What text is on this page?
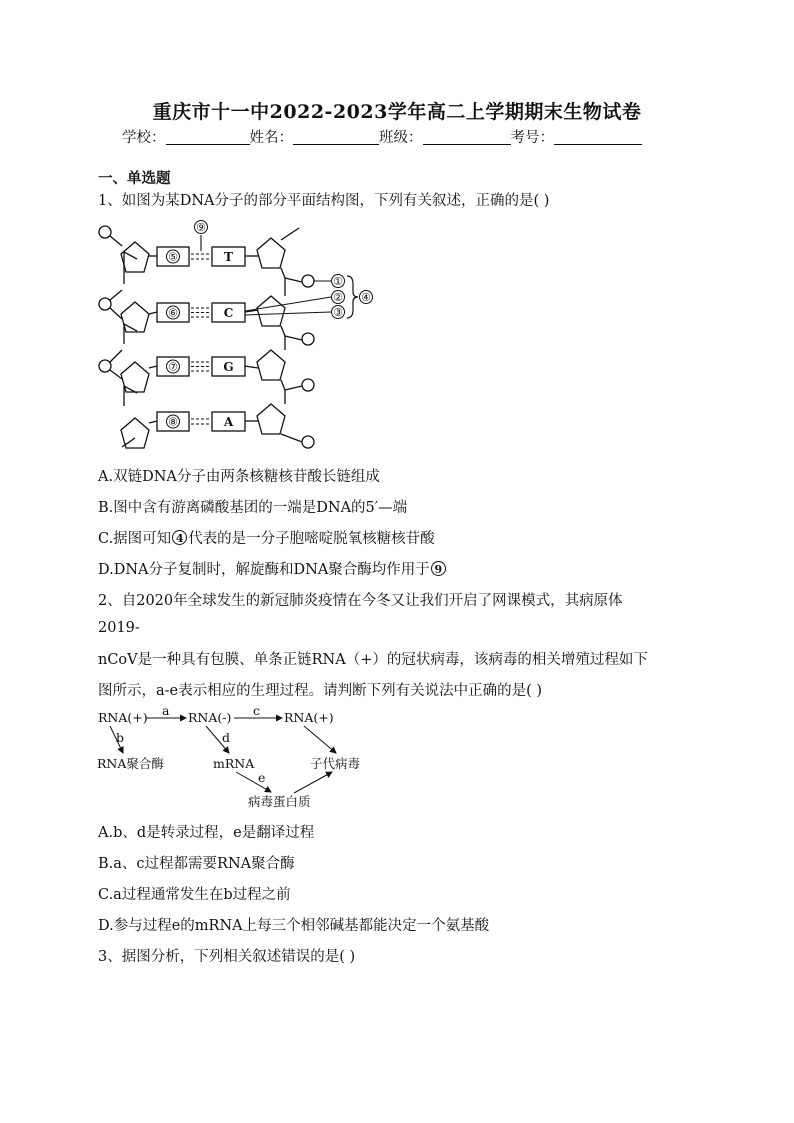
重庆市十一中2022-2023学年高二上学期期末生物试卷
学校：	姓名：	班级：	考号：
一、单选题
1、如图为某DNA分子的部分平面结构图，下列有关叙述，正确的是( )
⑤
⑥
⑦
⑧
⑨
T
C
G
A
①
②
③
④
A.双链DNA分子由两条核糖核苷酸长链组成
B.图中含有游离磷酸基团的一端是DNA的5′—端
C.据图可知 4 代表的是一分子胞嘧啶脱氧核糖核苷酸
D.DNA分子复制时，解旋酶和DNA聚合酶均作用于 9
2、自2020年全球发生的新冠肺炎疫情在今冬又让我们开启了网课模式，其病原体
2019-
nCoV是一种具有包膜、单条正链RNA（+）的冠状病毒，该病毒的相关增殖过程如下
图所示，a-e表示相应的生理过程。请判断下列有关说法中正确的是( )
RNA(+)	RNA(-)	RNA(+)
RNA聚合酶	mRNA	子代病毒
病毒蛋白质
a	c
b	d
e
A.b、d是转录过程，e是翻译过程
B.a、c过程都需要RNA聚合酶
C.a过程通常发生在b过程之前
D.参与过程e的mRNA上每三个相邻碱基都能决定一个氨基酸
3、据图分析，下列相关叙述错误的是( )
